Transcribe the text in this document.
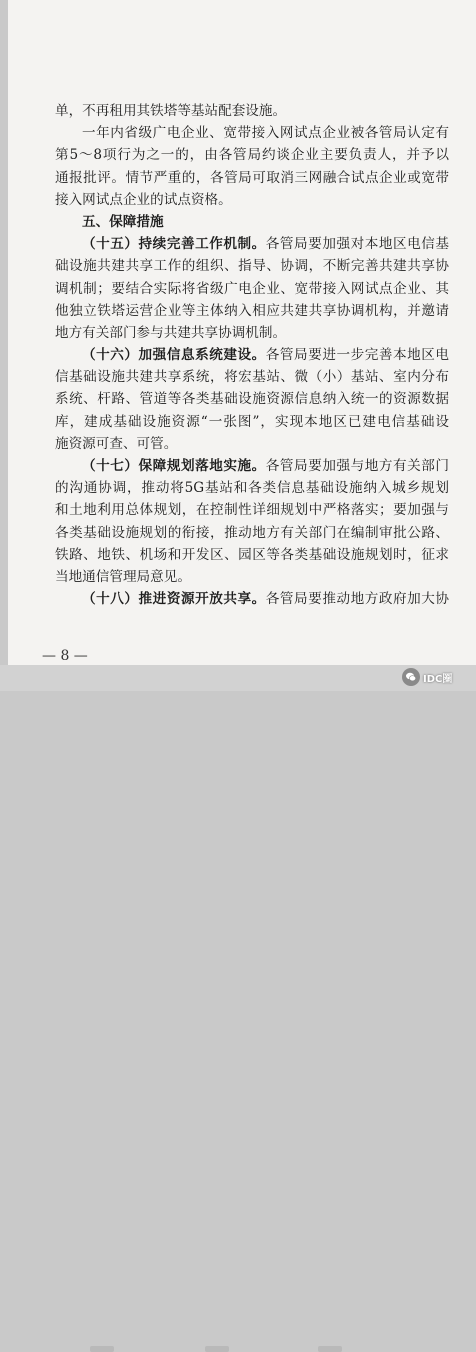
单，不再租用其铁塔等基站配套设施。
一年内省级广电企业、宽带接入网试点企业被各管局认定有
第5～8项行为之一的，由各管局约谈企业主要负责人，并予以
通报批评。情节严重的，各管局可取消三网融合试点企业或宽带
接入网试点企业的试点资格。
五、保障措施
（十五）持续完善工作机制。各管局要加强对本地区电信基
础设施共建共享工作的组织、指导、协调，不断完善共建共享协
调机制；要结合实际将省级广电企业、宽带接入网试点企业、其
他独立铁塔运营企业等主体纳入相应共建共享协调机构，并邀请
地方有关部门参与共建共享协调机制。
（十六）加强信息系统建设。各管局要进一步完善本地区电
信基础设施共建共享系统，将宏基站、微（小）基站、室内分布
系统、杆路、管道等各类基础设施资源信息纳入统一的资源数据
库，建成基础设施资源“一张图”，实现本地区已建电信基础设
施资源可查、可管。
（十七）保障规划落地实施。各管局要加强与地方有关部门
的沟通协调，推动将5G基站和各类信息基础设施纳入城乡规划
和土地利用总体规划，在控制性详细规划中严格落实；要加强与
各类基础设施规划的衔接，推动地方有关部门在编制审批公路、
铁路、地铁、机场和开发区、园区等各类基础设施规划时，征求
当地通信管理局意见。
（十八）推进资源开放共享。各管局要推动地方政府加大协
— 8 —
IDC圈
